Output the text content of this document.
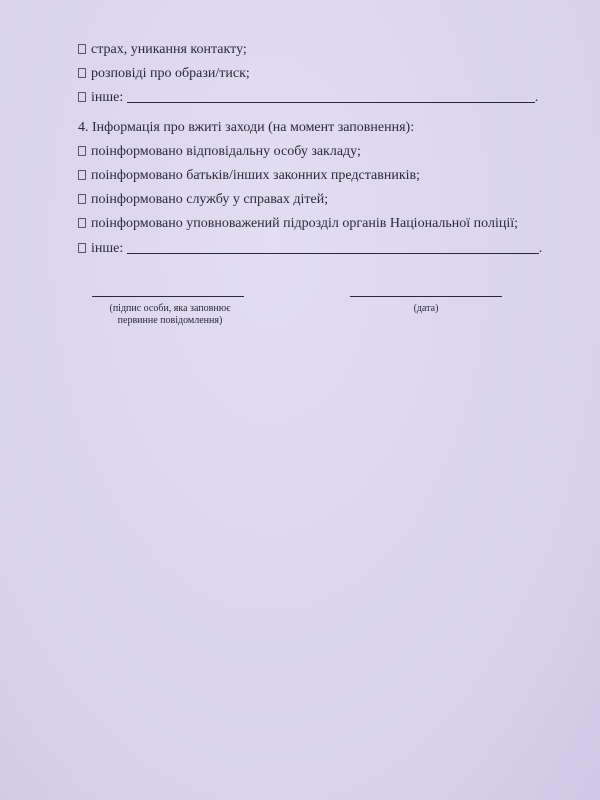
страх, уникання контакту;
розповіді про образи/тиск;
інше:	.
4. Інформація про вжиті заходи (на момент заповнення):
поінформовано відповідальну особу закладу;
поінформовано батьків/інших законних представників;
поінформовано службу у справах дітей;
поінформовано уповноважений підрозділ органів Національної поліції;
інше:	.
(підпис особи, яка заповнює
первинне повідомлення)
(дата)
